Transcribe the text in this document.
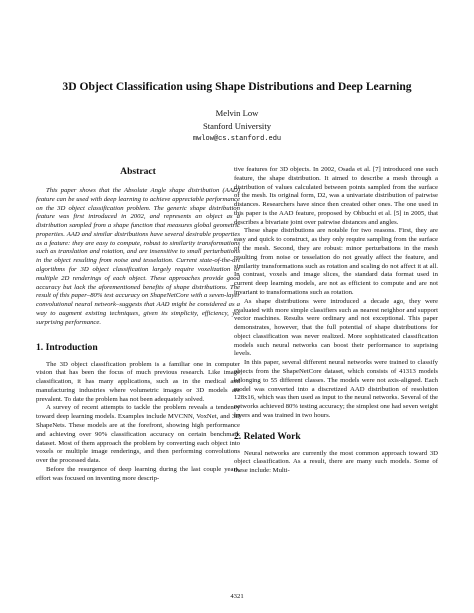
3D Object Classification using Shape Distributions and Deep Learning
Melvin Low
Stanford University
mwlow@cs.stanford.edu
Abstract

This paper shows that the Absolute Angle shape distribution (AAD) feature can be used with deep learning to achieve appreciable performance on the 3D object classification problem. The generic shape distribution feature was first introduced in 2002, and represents an object as a distribution sampled from a shape function that measures global geometric properties. AAD and similar distributions have several desirable properties as a feature: they are easy to compute, robust to similarity transformations such as translation and rotation, and are insensitive to small perturbations in the object resulting from noise and tesselation. Current state-of-the-art algorithms for 3D object classification largely require voxelization or multiple 2D renderings of each object. These approaches provide good accuracy but lack the aforementioned benefits of shape distributions. The result of this paper–80% test accuracy on ShapeNetCore with a seven-layer convolutional neural network–suggests that AAD might be considered as a way to augment existing techniques, given its simplicity, efficiency, yet surprising performance.

1. Introduction

The 3D object classification problem is a familiar one in computer vision that has been the focus of much previous research. Like image classification, it has many applications, such as in the medical and manufacturing industries where volumetric images or 3D models are prevalent. To date the problem has not been adequately solved.

A survey of recent attempts to tackle the problem reveals a tendency toward deep learning models. Examples include MVCNN, VoxNet, and 3D ShapeNets. These models are at the forefront, showing high performance and achieving over 90% classification accuracy on certain benchmark dataset. Most of them approach the problem by converting each object into voxels or multiple image renderings, and then performing convolutions over the processed data.

Before the resurgence of deep learning during the last couple years, effort was focused on inventing more descrip-

tive features for 3D objects. In 2002, Osada et al. [7] introduced one such feature, the shape distribution. It aimed to describe a mesh through a distribution of values calculated between points sampled from the surface of the mesh. Its original form, D2, was a univariate distribution of pairwise distances. Researchers have since then created other ones. The one used in this paper is the AAD feature, proposed by Ohbuchi et al. [5] in 2005, that describes a bivariate joint over pairwise distances and angles.

These shape distributions are notable for two reasons. First, they are easy and quick to construct, as they only require sampling from the surface of the mesh. Second, they are robust: minor perturbations in the mesh resulting from noise or tesselation do not greatly affect the feature, and similarity transformations such as rotation and scaling do not affect it at all. In contrast, voxels and image slices, the standard data format used in current deep learning models, are not as efficient to compute and are not invariant to transformations such as rotation.

As shape distributions were introduced a decade ago, they were evaluated with more simple classifiers such as nearest neighbor and support vector machines. Results were ordinary and not exceptional. This paper demonstrates, however, that the full potential of shape distributions for object classification was never realized. More sophisticated classification models such neural networks can boost their performance to suprising levels.

In this paper, several different neural networks were trained to classify objects from the ShapeNetCore dataset, which consists of 41313 models belonging to 55 different classes. The models were not axis-aligned. Each model was converted into a discretized AAD distribution of resolution 128x16, which was then used as input to the neural networks. Several of the networks achieved 80% testing accuracy; the simplest one had seven weight layers and was trained in two hours.

2. Related Work

Neural networks are currently the most common approach toward 3D object classification. As a result, there are many such models. Some of these include: Multi-

4321
